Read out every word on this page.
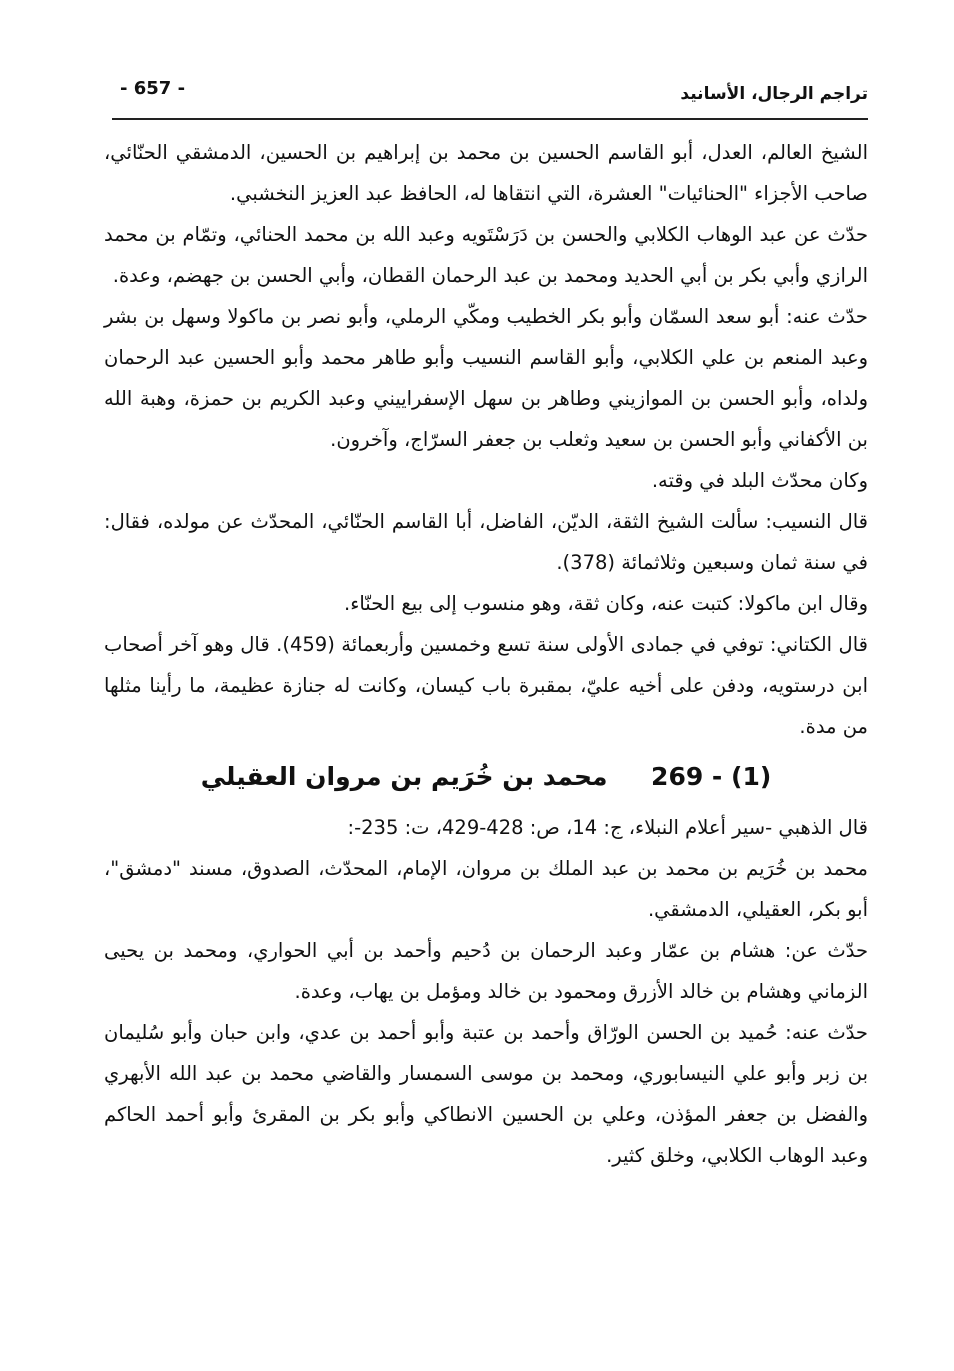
تراجم الرجال، الأسانيد
- 657 -

الشيخ العالم، العدل، أبو القاسم الحسين بن محمد بن إبراهيم بن الحسين، الدمشقي الحنّائي، صاحب الأجزاء "الحنائيات" العشرة، التي انتقاها له، الحافظ عبد العزيز النخشبي.

حدّث عن عبد الوهاب الكلابي والحسن بن دَرَسْتَويه وعبد الله بن محمد الحنائي، وتمّام بن محمد الرازي وأبي بكر بن أبي الحديد ومحمد بن عبد الرحمان القطان، وأبي الحسن بن جهضم، وعدة.

حدّث عنه: أبو سعد السمّان وأبو بكر الخطيب ومكّي الرملي، وأبو نصر بن ماكولا وسهل بن بشر وعبد المنعم بن علي الكلابي، وأبو القاسم النسيب وأبو طاهر محمد وأبو الحسين عبد الرحمان ولداه، وأبو الحسن بن الموازيني وطاهر بن سهل الإسفراييني وعبد الكريم بن حمزة، وهبة الله بن الأكفاني وأبو الحسن بن سعيد وثعلب بن جعفر السرّاج، وآخرون.

وكان محدّث البلد في وقته.

قال النسيب: سألت الشيخ الثقة، الديّن، الفاضل، أبا القاسم الحنّائي، المحدّث عن مولده، فقال: في سنة ثمان وسبعين وثلاثمائة (378).

وقال ابن ماكولا: كتبت عنه، وكان ثقة، وهو منسوب إلى بيع الحنّاء.

قال الكتاني: توفي في جمادى الأولى سنة تسع وخمسين وأربعمائة (459). قال وهو آخر أصحاب ابن درستويه، ودفن على أخيه عليّ، بمقبرة باب كيسان، وكانت له جنازة عظيمة، ما رأينا مثلها من مدة.

269 - (1)     محمد بن خُرَيم بن مروان العقيلي

قال الذهبي -سير أعلام النبلاء، ج: 14، ص: 428-429، ت: 235-:

محمد بن خُرَيم بن محمد بن عبد الملك بن مروان، الإمام، المحدّث، الصدوق، مسند "دمشق"، أبو بكر، العقيلي، الدمشقي.

حدّث عن: هشام بن عمّار وعبد الرحمان بن دُحيم وأحمد بن أبي الحواري، ومحمد بن يحيى الزماني وهشام بن خالد الأزرق ومحمود بن خالد ومؤمل بن يهاب، وعدة.

حدّث عنه: حُميد بن الحسن الورّاق وأحمد بن عتبة وأبو أحمد بن عدي، وابن حبان وأبو سُليمان بن زبر وأبو علي النيسابوري، ومحمد بن موسى السمسار والقاضي محمد بن عبد الله الأبهري والفضل بن جعفر المؤذن، وعلي بن الحسين الانطاكي وأبو بكر بن المقرئ وأبو أحمد الحاكم وعبد الوهاب الكلابي، وخلق كثير.
